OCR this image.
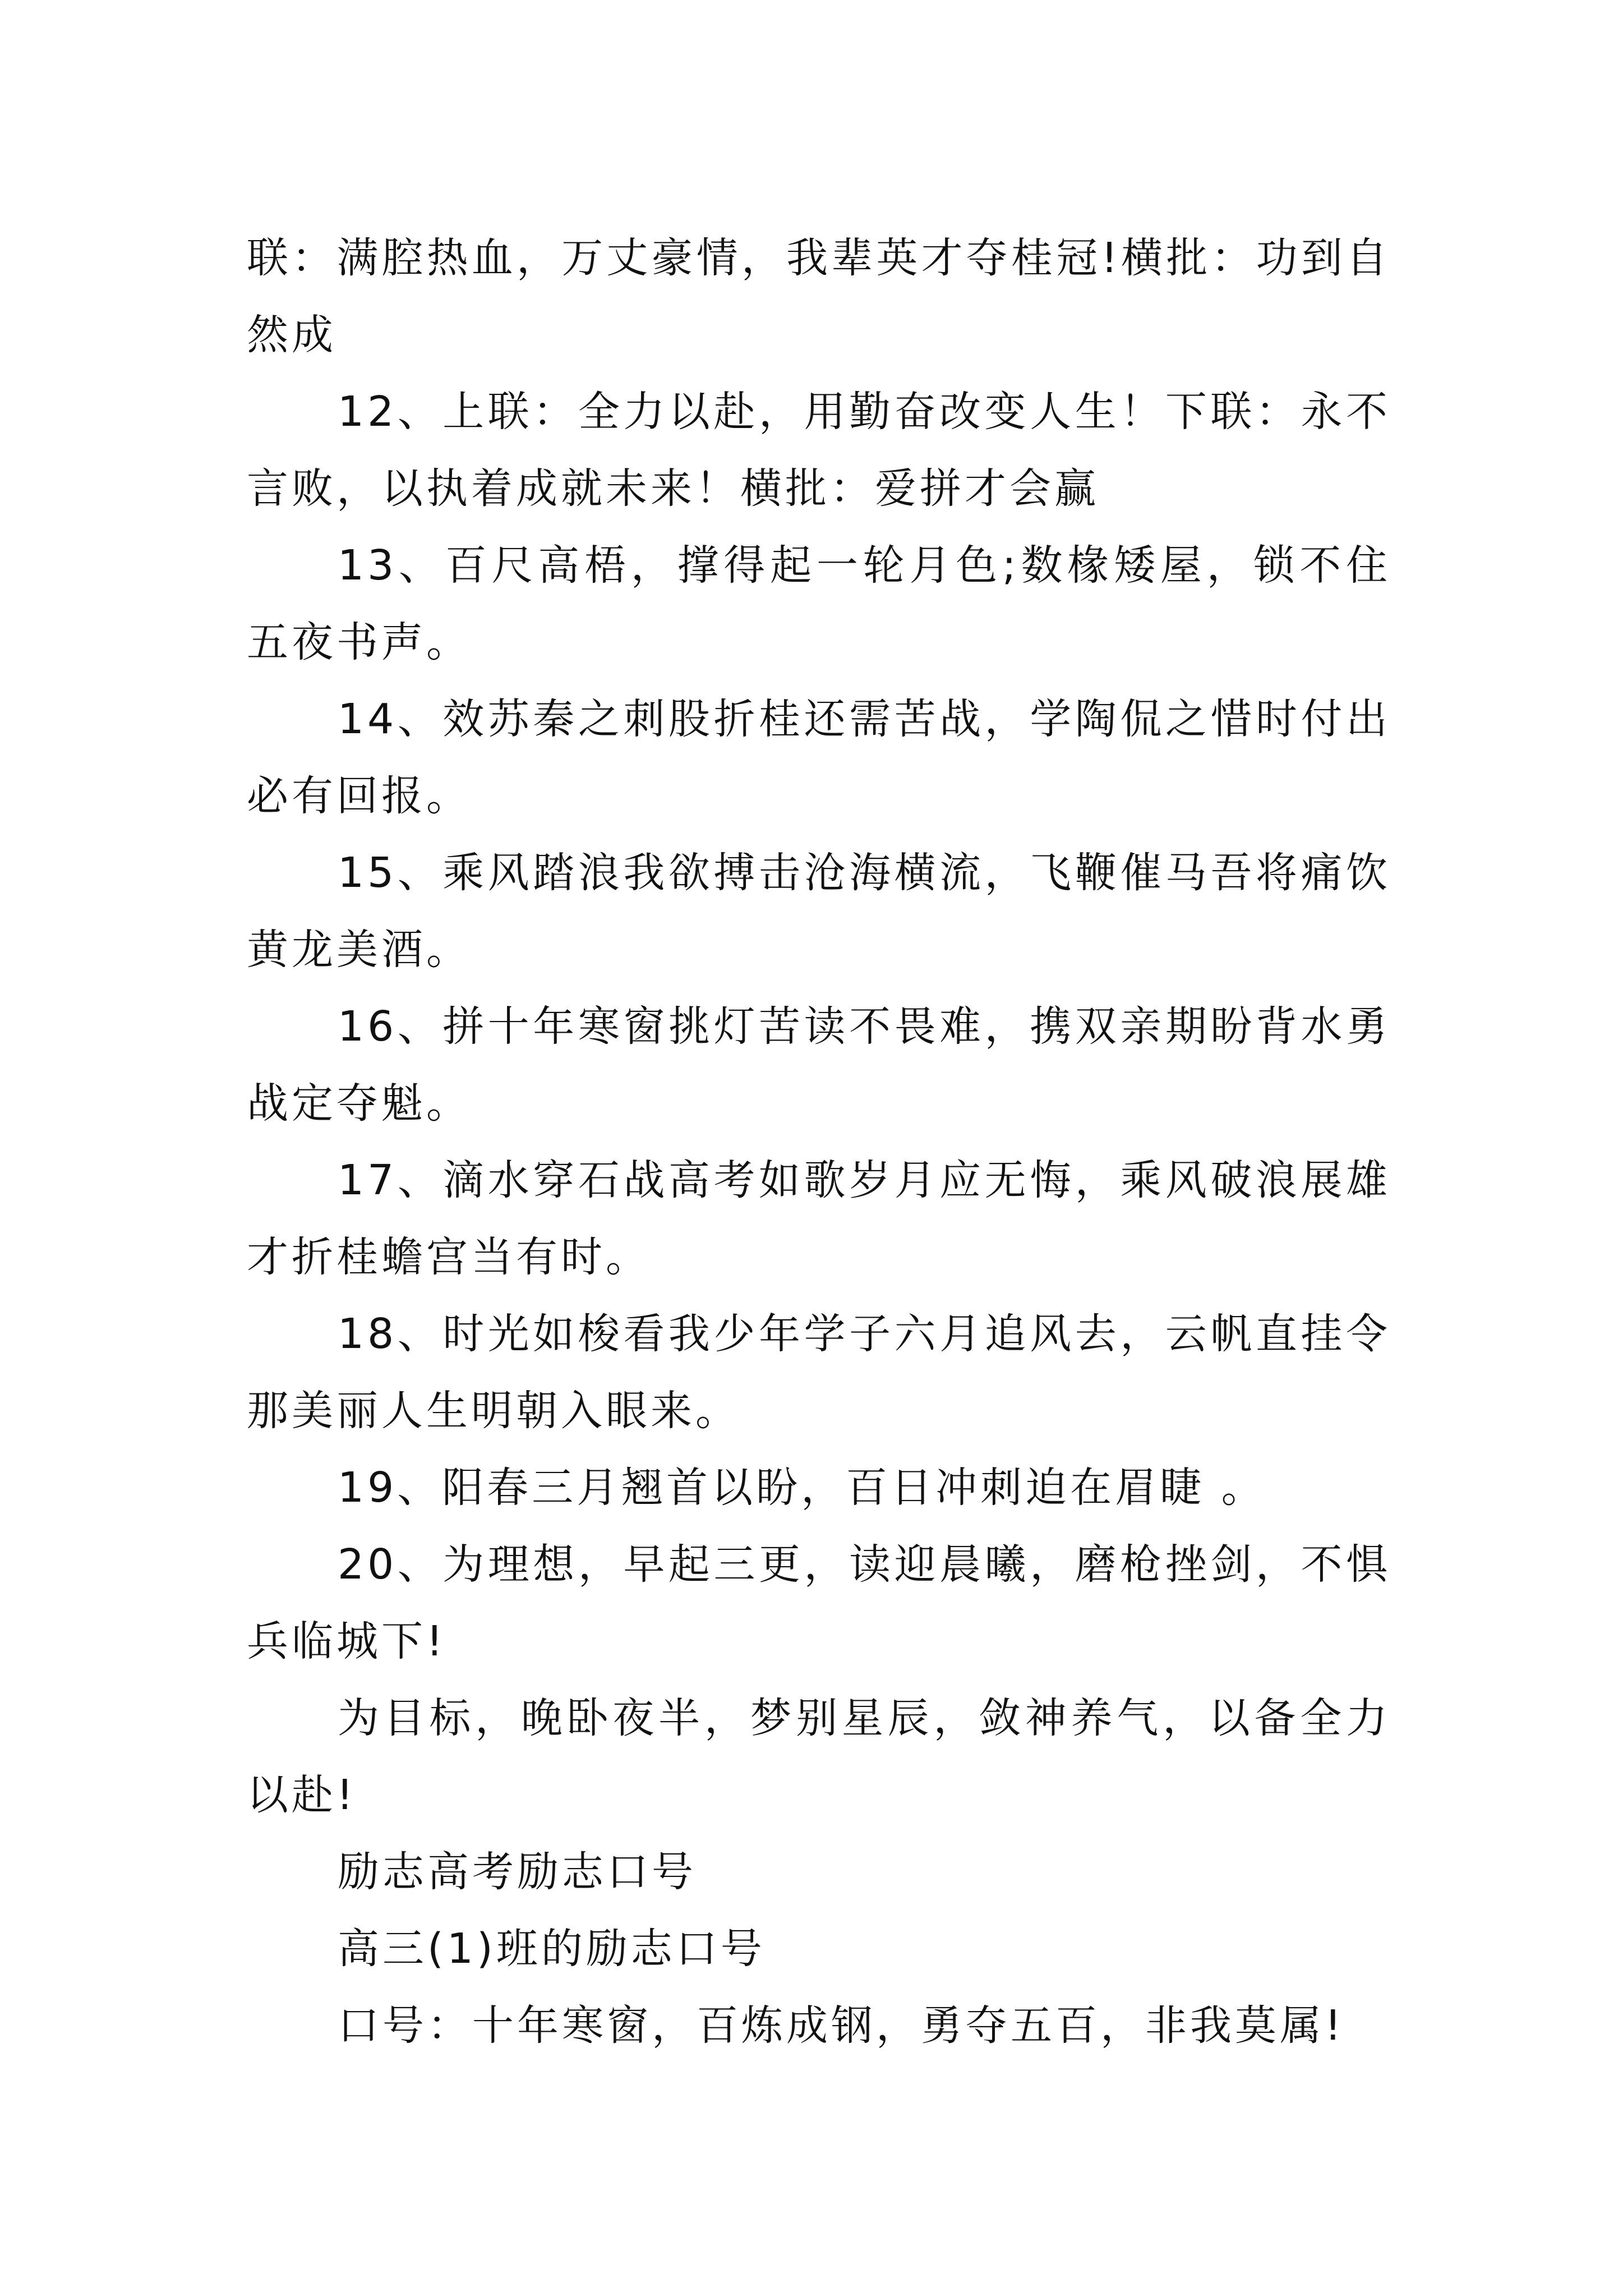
联：满腔热血，万丈豪情，我辈英才夺桂冠!横批：功到自然成

12、上联：全力以赴，用勤奋改变人生！下联：永不言败，以执着成就未来！横批：爱拼才会赢

13、百尺高梧，撑得起一轮月色;数椽矮屋，锁不住五夜书声。

14、效苏秦之刺股折桂还需苦战，学陶侃之惜时付出必有回报。

15、乘风踏浪我欲搏击沧海横流，飞鞭催马吾将痛饮黄龙美酒。

16、拼十年寒窗挑灯苦读不畏难，携双亲期盼背水勇战定夺魁。

17、滴水穿石战高考如歌岁月应无悔，乘风破浪展雄才折桂蟾宫当有时。

18、时光如梭看我少年学子六月追风去，云帆直挂令那美丽人生明朝入眼来。

19、阳春三月翘首以盼，百日冲刺迫在眉睫 。

20、为理想，早起三更，读迎晨曦，磨枪挫剑，不惧兵临城下!

为目标，晚卧夜半，梦别星辰，敛神养气，以备全力以赴!

励志高考励志口号

高三(1)班的励志口号

口号：十年寒窗，百炼成钢，勇夺五百，非我莫属!
